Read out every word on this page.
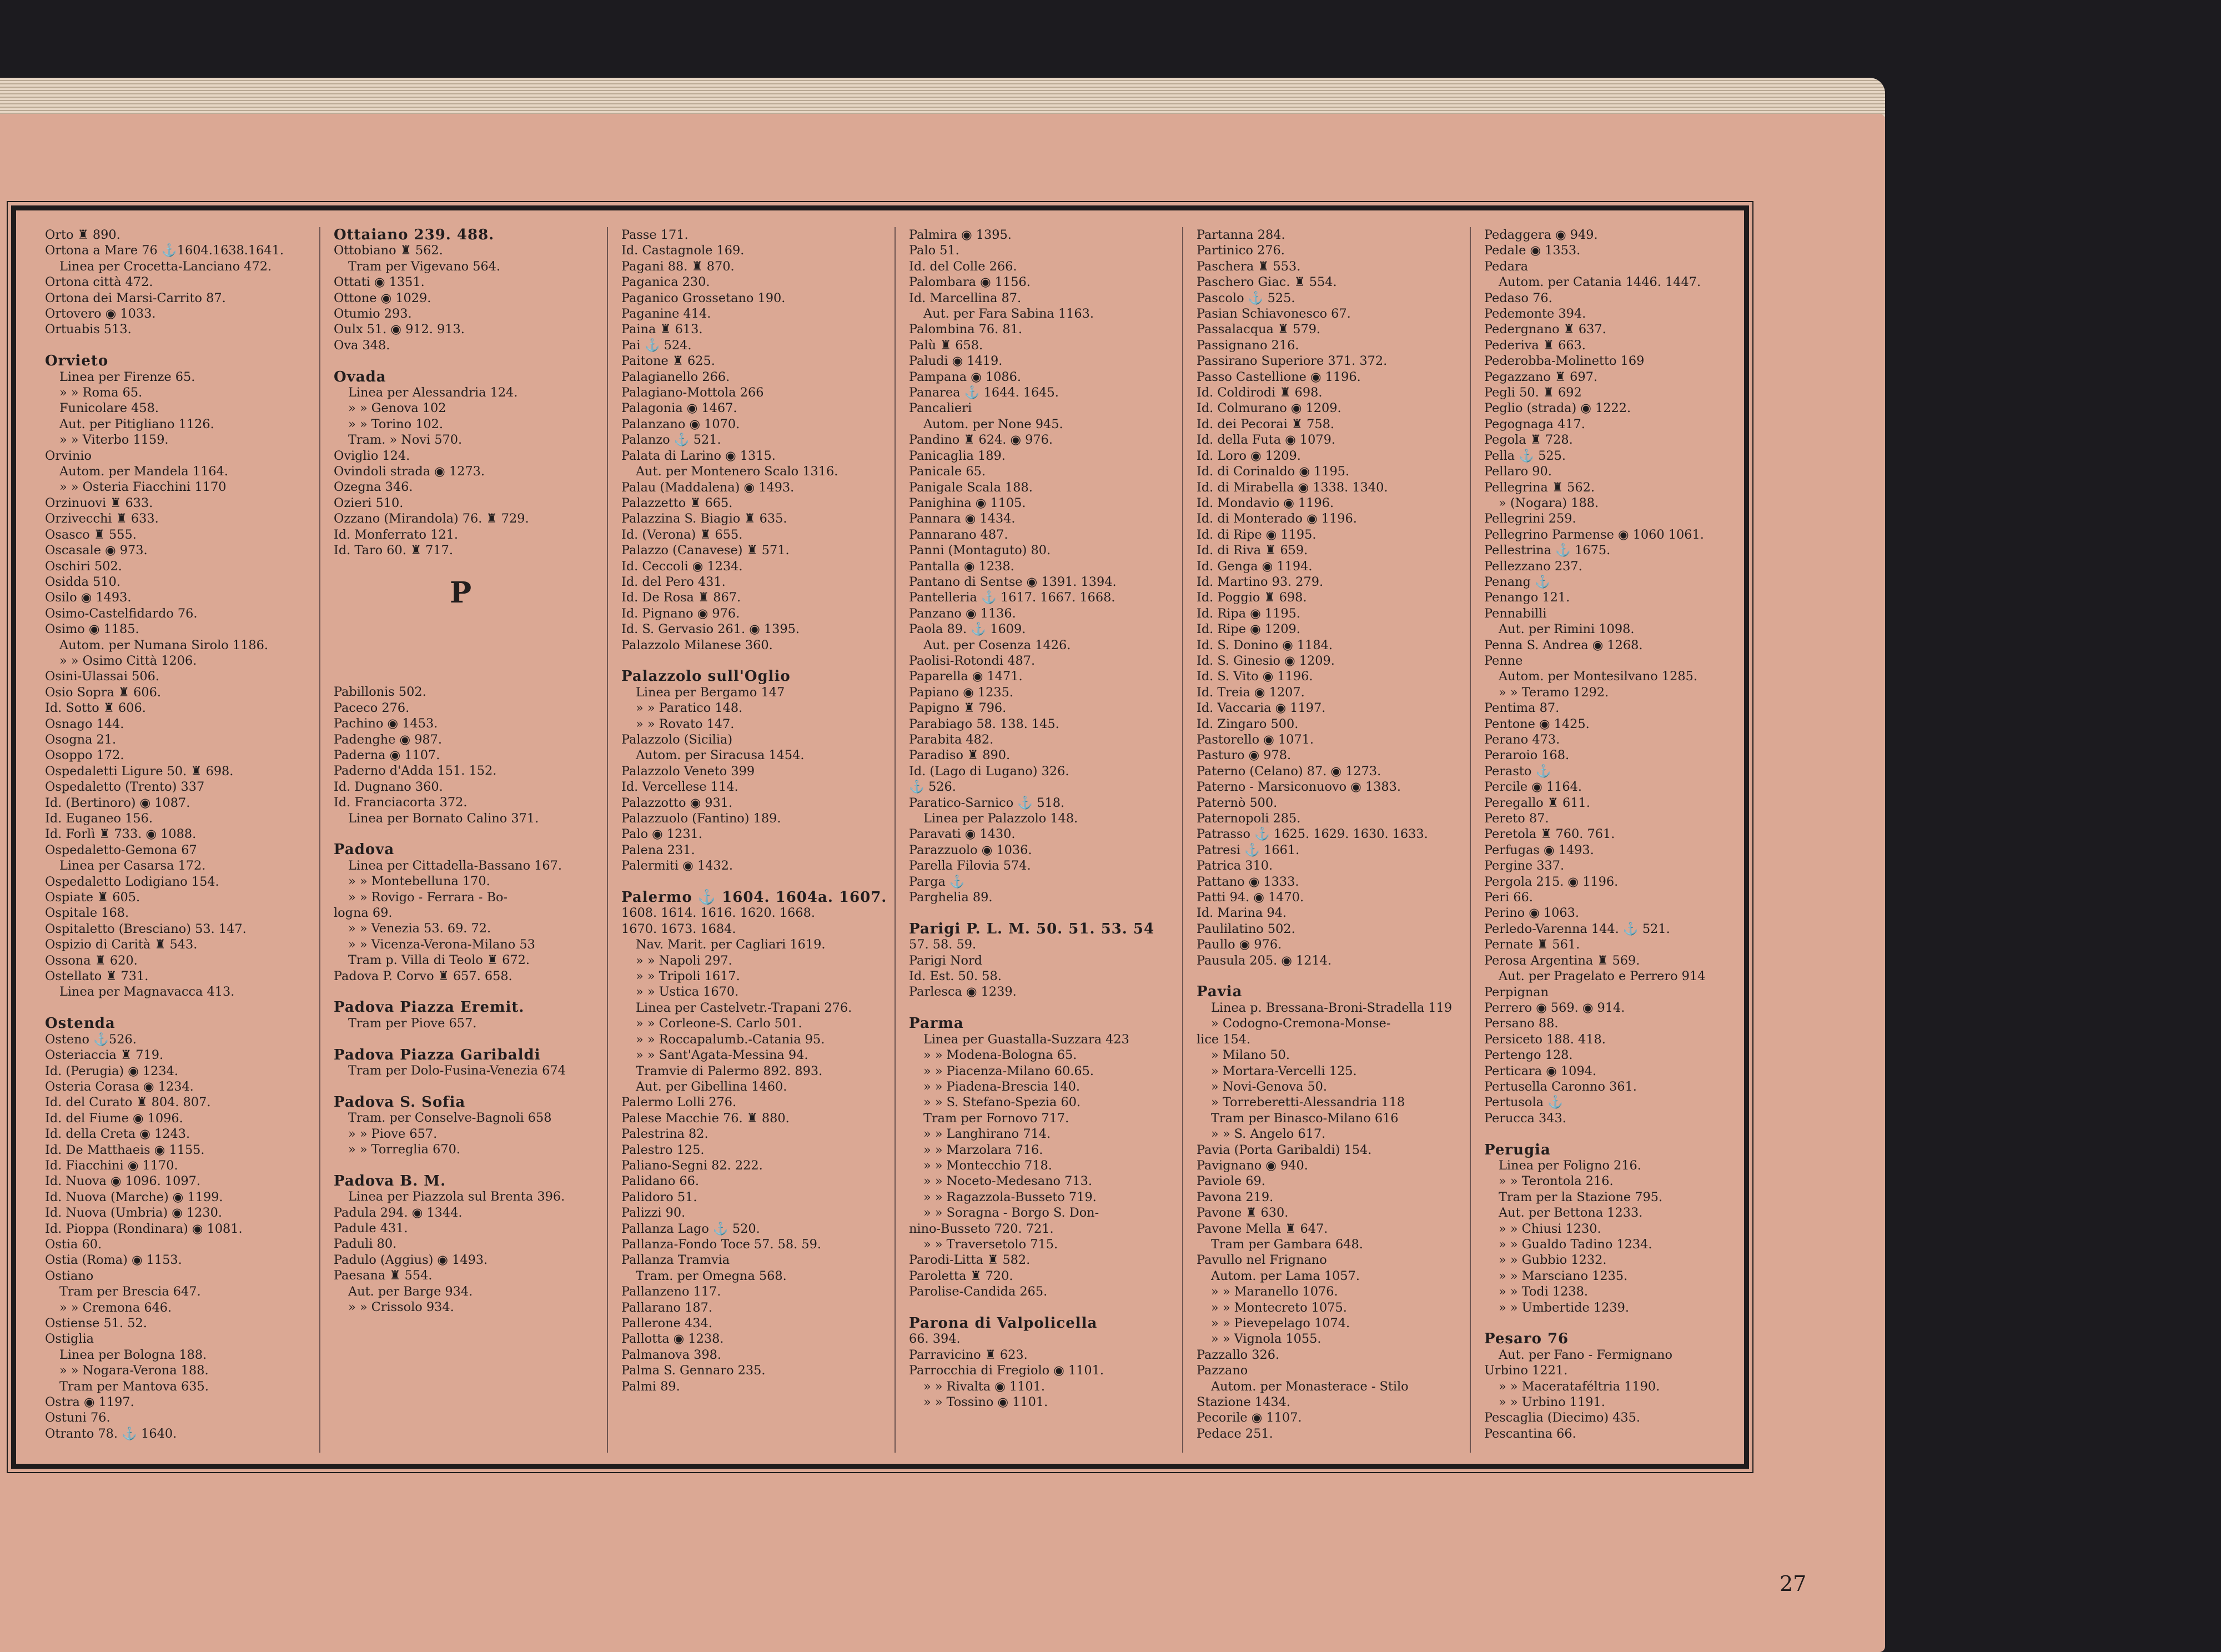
Orto ♜ 890.
Ortona a Mare 76 ⚓1604.1638.1641.
Linea per Crocetta-Lanciano 472.
Ortona città 472.
Ortona dei Marsi-Carrito 87.
Ortovero ◉ 1033.
Ortuabis 513.
Orvieto
Linea per Firenze 65.
» » Roma 65.
Funicolare 458.
Aut. per Pitigliano 1126.
» » Viterbo 1159.
Orvinio
Autom. per Mandela 1164.
» » Osteria Fiacchini 1170
Orzinuovi ♜ 633.
Orzivecchi ♜ 633.
Osasco ♜ 555.
Oscasale ◉ 973.
Oschiri 502.
Osidda 510.
Osilo ◉ 1493.
Osimo-Castelfidardo 76.
Osimo ◉ 1185.
Autom. per Numana Sirolo 1186.
» » Osimo Città 1206.
Osini-Ulassai 506.
Osio Sopra ♜ 606.
Id. Sotto ♜ 606.
Osnago 144.
Osogna 21.
Osoppo 172.
Ospedaletti Ligure 50. ♜ 698.
Ospedaletto (Trento) 337
Id. (Bertinoro) ◉ 1087.
Id. Euganeo 156.
Id. Forlì ♜ 733. ◉ 1088.
Ospedaletto-Gemona 67
Linea per Casarsa 172.
Ospedaletto Lodigiano 154.
Ospiate ♜ 605.
Ospitale 168.
Ospitaletto (Bresciano) 53. 147.
Ospizio di Carità ♜ 543.
Ossona ♜ 620.
Ostellato ♜ 731.
Linea per Magnavacca 413.
Ostenda
Osteno ⚓526.
Osteriaccia ♜ 719.
Id. (Perugia) ◉ 1234.
Osteria Corasa ◉ 1234.
Id. del Curato ♜ 804. 807.
Id. del Fiume ◉ 1096.
Id. della Creta ◉ 1243.
Id. De Matthaeis ◉ 1155.
Id. Fiacchini ◉ 1170.
Id. Nuova ◉ 1096. 1097.
Id. Nuova (Marche) ◉ 1199.
Id. Nuova (Umbria) ◉ 1230.
Id. Pioppa (Rondinara) ◉ 1081.
Ostia 60.
Ostia (Roma) ◉ 1153.
Ostiano
Tram per Brescia 647.
» » Cremona 646.
Ostiense 51. 52.
Ostiglia
Linea per Bologna 188.
» » Nogara-Verona 188.
Tram per Mantova 635.
Ostra ◉ 1197.
Ostuni 76.
Otranto 78. ⚓ 1640.
Ottaiano 239. 488.
Ottobiano ♜ 562.
Tram per Vigevano 564.
Ottati ◉ 1351.
Ottone ◉ 1029.
Otumio 293.
Oulx 51. ◉ 912. 913.
Ova 348.
Ovada
Linea per Alessandria 124.
» » Genova 102
» » Torino 102.
Tram. » Novi 570.
Oviglio 124.
Ovindoli strada ◉ 1273.
Ozegna 346.
Ozieri 510.
Ozzano (Mirandola) 76. ♜ 729.
Id. Monferrato 121.
Id. Taro 60. ♜ 717.
P
Pabillonis 502.
Paceco 276.
Pachino ◉ 1453.
Padenghe ◉ 987.
Paderna ◉ 1107.
Paderno d'Adda 151. 152.
Id. Dugnano 360.
Id. Franciacorta 372.
Linea per Bornato Calino 371.
Padova
Linea per Cittadella-Bassano 167.
» » Montebelluna 170.
» » Rovigo - Ferrara - Bo-
logna 69.
» » Venezia 53. 69. 72.
» » Vicenza-Verona-Milano 53
Tram p. Villa di Teolo ♜ 672.
Padova P. Corvo ♜ 657. 658.
Padova Piazza Eremit.
Tram per Piove 657.
Padova Piazza Garibaldi
Tram per Dolo-Fusina-Venezia 674
Padova S. Sofia
Tram. per Conselve-Bagnoli 658
» » Piove 657.
» » Torreglia 670.
Padova B. M.
Linea per Piazzola sul Brenta 396.
Padula 294. ◉ 1344.
Padule 431.
Paduli 80.
Padulo (Aggius) ◉ 1493.
Paesana ♜ 554.
Aut. per Barge 934.
» » Crissolo 934.
Passe 171.
Id. Castagnole 169.
Pagani 88. ♜ 870.
Paganica 230.
Paganico Grossetano 190.
Paganine 414.
Paina ♜ 613.
Pai ⚓ 524.
Paitone ♜ 625.
Palagianello 266.
Palagiano-Mottola 266
Palagonia ◉ 1467.
Palanzano ◉ 1070.
Palanzo ⚓ 521.
Palata di Larino ◉ 1315.
Aut. per Montenero Scalo 1316.
Palau (Maddalena) ◉ 1493.
Palazzetto ♜ 665.
Palazzina S. Biagio ♜ 635.
Id. (Verona) ♜ 655.
Palazzo (Canavese) ♜ 571.
Id. Ceccoli ◉ 1234.
Id. del Pero 431.
Id. De Rosa ♜ 867.
Id. Pignano ◉ 976.
Id. S. Gervasio 261. ◉ 1395.
Palazzolo Milanese 360.
Palazzolo sull'Oglio
Linea per Bergamo 147
» » Paratico 148.
» » Rovato 147.
Palazzolo (Sicilia)
Autom. per Siracusa 1454.
Palazzolo Veneto 399
Id. Vercellese 114.
Palazzotto ◉ 931.
Palazzuolo (Fantino) 189.
Palo ◉ 1231.
Palena 231.
Palermiti ◉ 1432.
Palermo ⚓ 1604. 1604a. 1607.
1608. 1614. 1616. 1620. 1668.
1670. 1673. 1684.
Nav. Marit. per Cagliari 1619.
» » Napoli 297.
» » Tripoli 1617.
» » Ustica 1670.
Linea per Castelvetr.-Trapani 276.
» » Corleone-S. Carlo 501.
» » Roccapalumb.-Catania 95.
» » Sant'Agata-Messina 94.
Tramvie di Palermo 892. 893.
Aut. per Gibellina 1460.
Palermo Lolli 276.
Palese Macchie 76. ♜ 880.
Palestrina 82.
Palestro 125.
Paliano-Segni 82. 222.
Palidano 66.
Palidoro 51.
Palizzi 90.
Pallanza Lago ⚓ 520.
Pallanza-Fondo Toce 57. 58. 59.
Pallanza Tramvia
Tram. per Omegna 568.
Pallanzeno 117.
Pallarano 187.
Pallerone 434.
Pallotta ◉ 1238.
Palmanova 398.
Palma S. Gennaro 235.
Palmi 89.
Palmira ◉ 1395.
Palo 51.
Id. del Colle 266.
Palombara ◉ 1156.
Id. Marcellina 87.
Aut. per Fara Sabina 1163.
Palombina 76. 81.
Palù ♜ 658.
Paludi ◉ 1419.
Pampana ◉ 1086.
Panarea ⚓ 1644. 1645.
Pancalieri
Autom. per None 945.
Pandino ♜ 624. ◉ 976.
Panicaglia 189.
Panicale 65.
Panigale Scala 188.
Panighina ◉ 1105.
Pannara ◉ 1434.
Pannarano 487.
Panni (Montaguto) 80.
Pantalla ◉ 1238.
Pantano di Sentse ◉ 1391. 1394.
Pantelleria ⚓ 1617. 1667. 1668.
Panzano ◉ 1136.
Paola 89. ⚓ 1609.
Aut. per Cosenza 1426.
Paolisi-Rotondi 487.
Paparella ◉ 1471.
Papiano ◉ 1235.
Papigno ♜ 796.
Parabiago 58. 138. 145.
Parabita 482.
Paradiso ♜ 890.
Id. (Lago di Lugano) 326.
⚓ 526.
Paratico-Sarnico ⚓ 518.
Linea per Palazzolo 148.
Paravati ◉ 1430.
Parazzuolo ◉ 1036.
Parella Filovia 574.
Parga ⚓
Parghelia 89.
Parigi P. L. M. 50. 51. 53. 54
57. 58. 59.
Parigi Nord
Id. Est. 50. 58.
Parlesca ◉ 1239.
Parma
Linea per Guastalla-Suzzara 423
» » Modena-Bologna 65.
» » Piacenza-Milano 60.65.
» » Piadena-Brescia 140.
» » S. Stefano-Spezia 60.
Tram per Fornovo 717.
» » Langhirano 714.
» » Marzolara 716.
» » Montecchio 718.
» » Noceto-Medesano 713.
» » Ragazzola-Busseto 719.
» » Soragna - Borgo S. Don-
nino-Busseto 720. 721.
» » Traversetolo 715.
Parodi-Litta ♜ 582.
Paroletta ♜ 720.
Parolise-Candida 265.
Parona di Valpolicella
66. 394.
Parravicino ♜ 623.
Parrocchia di Fregiolo ◉ 1101.
» » Rivalta ◉ 1101.
» » Tossino ◉ 1101.
Partanna 284.
Partinico 276.
Paschera ♜ 553.
Paschero Giac. ♜ 554.
Pascolo ⚓ 525.
Pasian Schiavonesco 67.
Passalacqua ♜ 579.
Passignano 216.
Passirano Superiore 371. 372.
Passo Castellione ◉ 1196.
Id. Coldirodi ♜ 698.
Id. Colmurano ◉ 1209.
Id. dei Pecorai ♜ 758.
Id. della Futa ◉ 1079.
Id. Loro ◉ 1209.
Id. di Corinaldo ◉ 1195.
Id. di Mirabella ◉ 1338. 1340.
Id. Mondavio ◉ 1196.
Id. di Monterado ◉ 1196.
Id. di Ripe ◉ 1195.
Id. di Riva ♜ 659.
Id. Genga ◉ 1194.
Id. Martino 93. 279.
Id. Poggio ♜ 698.
Id. Ripa ◉ 1195.
Id. Ripe ◉ 1209.
Id. S. Donino ◉ 1184.
Id. S. Ginesio ◉ 1209.
Id. S. Vito ◉ 1196.
Id. Treia ◉ 1207.
Id. Vaccaria ◉ 1197.
Id. Zingaro 500.
Pastorello ◉ 1071.
Pasturo ◉ 978.
Paterno (Celano) 87. ◉ 1273.
Paterno - Marsiconuovo ◉ 1383.
Paternò 500.
Paternopoli 285.
Patrasso ⚓ 1625. 1629. 1630. 1633.
Patresi ⚓ 1661.
Patrica 310.
Pattano ◉ 1333.
Patti 94. ◉ 1470.
Id. Marina 94.
Paulilatino 502.
Paullo ◉ 976.
Pausula 205. ◉ 1214.
Pavia
Linea p. Bressana-Broni-Stradella 119
» Codogno-Cremona-Monse-
lice 154.
» Milano 50.
» Mortara-Vercelli 125.
» Novi-Genova 50.
» Torreberetti-Alessandria 118
Tram per Binasco-Milano 616
» » S. Angelo 617.
Pavia (Porta Garibaldi) 154.
Pavignano ◉ 940.
Paviole 69.
Pavona 219.
Pavone ♜ 630.
Pavone Mella ♜ 647.
Tram per Gambara 648.
Pavullo nel Frignano
Autom. per Lama 1057.
» » Maranello 1076.
» » Montecreto 1075.
» » Pievepelago 1074.
» » Vignola 1055.
Pazzallo 326.
Pazzano
Autom. per Monasterace - Stilo
Stazione 1434.
Pecorile ◉ 1107.
Pedace 251.
Pedaggera ◉ 949.
Pedale ◉ 1353.
Pedara
Autom. per Catania 1446. 1447.
Pedaso 76.
Pedemonte 394.
Pedergnano ♜ 637.
Pederiva ♜ 663.
Pederobba-Molinetto 169
Pegazzano ♜ 697.
Pegli 50. ♜ 692
Peglio (strada) ◉ 1222.
Pegognaga 417.
Pegola ♜ 728.
Pella ⚓ 525.
Pellaro 90.
Pellegrina ♜ 562.
» (Nogara) 188.
Pellegrini 259.
Pellegrino Parmense ◉ 1060 1061.
Pellestrina ⚓ 1675.
Pellezzano 237.
Penang ⚓
Penango 121.
Pennabilli
Aut. per Rimini 1098.
Penna S. Andrea ◉ 1268.
Penne
Autom. per Montesilvano 1285.
» » Teramo 1292.
Pentima 87.
Pentone ◉ 1425.
Perano 473.
Peraroio 168.
Perasto ⚓
Percile ◉ 1164.
Peregallo ♜ 611.
Pereto 87.
Peretola ♜ 760. 761.
Perfugas ◉ 1493.
Pergine 337.
Pergola 215. ◉ 1196.
Peri 66.
Perino ◉ 1063.
Perledo-Varenna 144. ⚓ 521.
Pernate ♜ 561.
Perosa Argentina ♜ 569.
Aut. per Pragelato e Perrero 914
Perpignan
Perrero ◉ 569. ◉ 914.
Persano 88.
Persiceto 188. 418.
Pertengo 128.
Perticara ◉ 1094.
Pertusella Caronno 361.
Pertusola ⚓
Perucca 343.
Perugia
Linea per Foligno 216.
» » Terontola 216.
Tram per la Stazione 795.
Aut. per Bettona 1233.
» » Chiusi 1230.
» » Gualdo Tadino 1234.
» » Gubbio 1232.
» » Marsciano 1235.
» » Todi 1238.
» » Umbertide 1239.
Pesaro 76
Aut. per Fano - Fermignano
Urbino 1221.
» » Macerataféltria 1190.
» » Urbino 1191.
Pescaglia (Diecimo) 435.
Pescantina 66.
27
